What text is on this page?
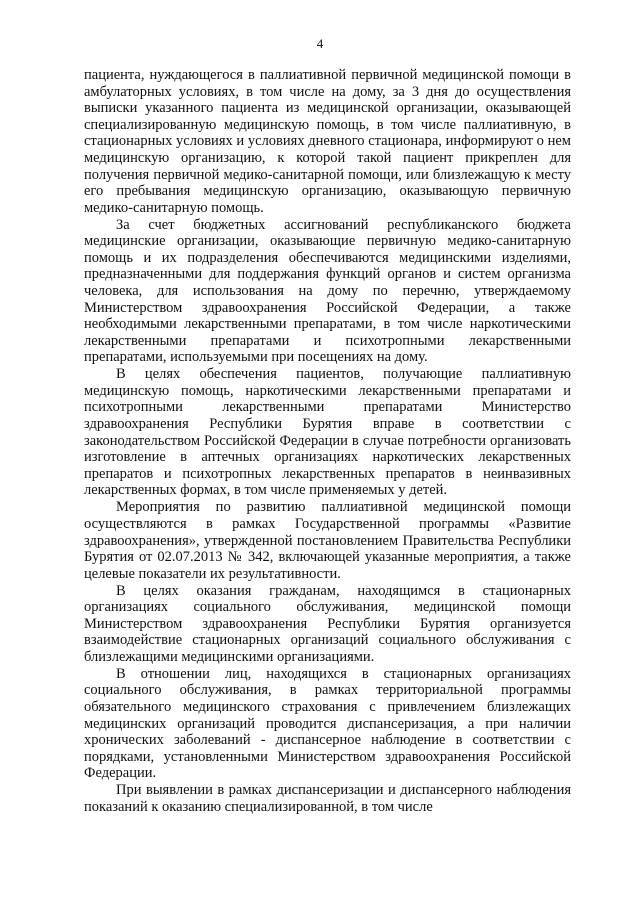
4

пациента, нуждающегося в паллиативной первичной медицинской помощи в амбулаторных условиях, в том числе на дому, за 3 дня до осуществления выписки указанного пациента из медицинской организации, оказывающей специализированную медицинскую помощь, в том числе паллиативную, в стационарных условиях и условиях дневного стационара, информируют о нем медицинскую организацию, к которой такой пациент прикреплен для получения первичной медико-санитарной помощи, или близлежащую к месту его пребывания медицинскую организацию, оказывающую первичную медико-санитарную помощь.

За счет бюджетных ассигнований республиканского бюджета медицинские организации, оказывающие первичную медико-санитарную помощь и их подразделения обеспечиваются медицинскими изделиями, предназначенными для поддержания функций органов и систем организма человека, для использования на дому по перечню, утверждаемому Министерством здравоохранения Российской Федерации, а также необходимыми лекарственными препаратами, в том числе наркотическими лекарственными препаратами и психотропными лекарственными препаратами, используемыми при посещениях на дому.

В целях обеспечения пациентов, получающие паллиативную медицинскую помощь, наркотическими лекарственными препаратами и психотропными лекарственными препаратами Министерство здравоохранения Республики Бурятия вправе в соответствии с законодательством Российской Федерации в случае потребности организовать изготовление в аптечных организациях наркотических лекарственных препаратов и психотропных лекарственных препаратов в неинвазивных лекарственных формах, в том числе применяемых у детей.

Мероприятия по развитию паллиативной медицинской помощи осуществляются в рамках Государственной программы «Развитие здравоохранения», утвержденной постановлением Правительства Республики Бурятия от 02.07.2013 № 342, включающей указанные мероприятия, а также целевые показатели их результативности.

В целях оказания гражданам, находящимся в стационарных организациях социального обслуживания, медицинской помощи Министерством здравоохранения Республики Бурятия организуется взаимодействие стационарных организаций социального обслуживания с близлежащими медицинскими организациями.

В отношении лиц, находящихся в стационарных организациях социального обслуживания, в рамках территориальной программы обязательного медицинского страхования с привлечением близлежащих медицинских организаций проводится диспансеризация, а при наличии хронических заболеваний - диспансерное наблюдение в соответствии с порядками, установленными Министерством здравоохранения Российской Федерации.

При выявлении в рамках диспансеризации и диспансерного наблюдения показаний к оказанию специализированной, в том числе
